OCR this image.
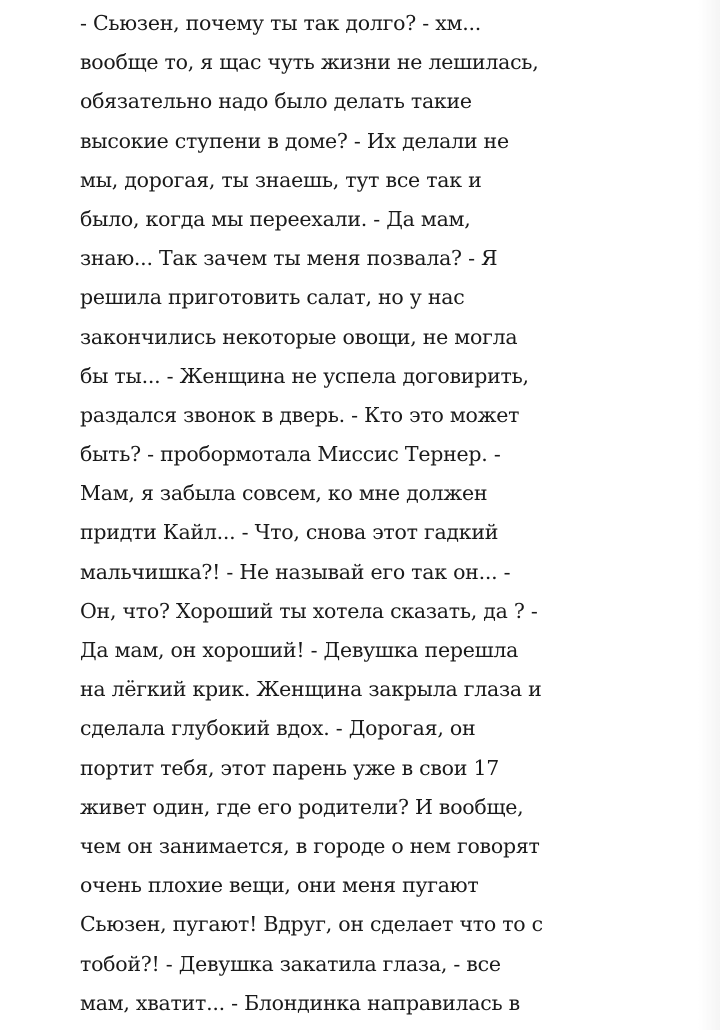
- Сьюзен, почему ты так долго? - хм...
вообще то, я щас чуть жизни не лешилась,
обязательно надо было делать такие
высокие ступени в доме? - Их делали не
мы, дорогая, ты знаешь, тут все так и
было, когда мы переехали. - Да мам,
знаю... Так зачем ты меня позвала? - Я
решила приготовить салат, но у нас
закончились некоторые овощи, не могла
бы ты... - Женщина не успела договирить,
раздался звонок в дверь. - Кто это может
быть? - пробормотала Миссис Тернер. -
Мам, я забыла совсем, ко мне должен
придти Кайл... - Что, снова этот гадкий
мальчишка?! - Не называй его так он... -
Он, что? Хороший ты хотела сказать, да ? -
Да мам, он хороший! - Девушка перешла
на лёгкий крик. Женщина закрыла глаза и
сделала глубокий вдох. - Дорогая, он
портит тебя, этот парень уже в свои 17
живет один, где его родители? И вообще,
чем он занимается, в городе о нем говорят
очень плохие вещи, они меня пугают
Сьюзен, пугают! Вдруг, он сделает что то с
тобой?! - Девушка закатила глаза, - все
мам, хватит... - Блондинка направилась в
